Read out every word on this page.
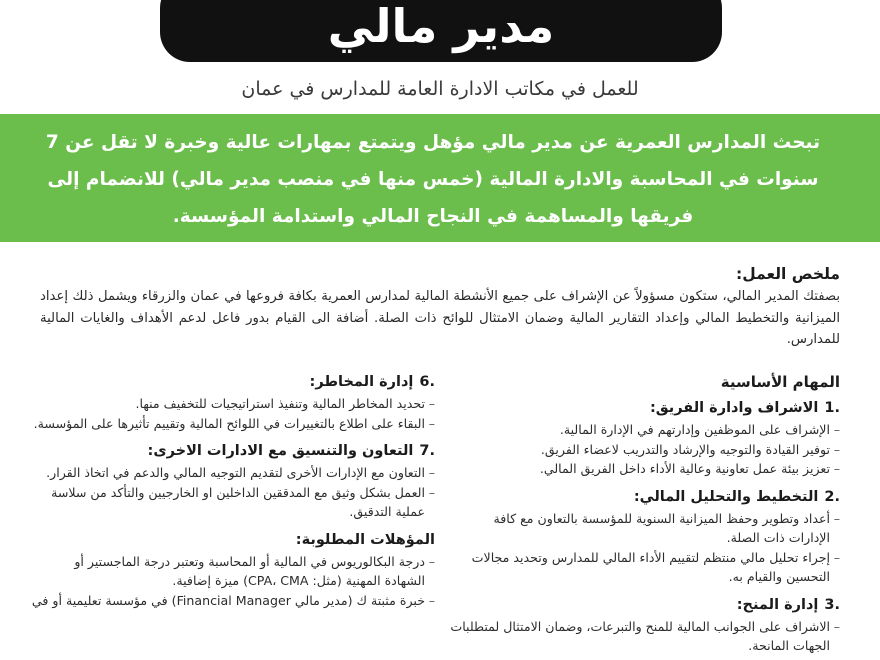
مدير مالي
للعمل في مكاتب الادارة العامة للمدارس في عمان

تبحث المدارس العمرية عن مدير مالي مؤهل ويتمتع بمهارات عالية وخبرة لا تقل عن 7 سنوات في المحاسبة والادارة المالية (خمس منها في منصب مدير مالي) للانضمام إلى فريقها والمساهمة في النجاح المالي واستدامة المؤسسة.

ملخص العمل:

بصفتك المدير المالي، ستكون مسؤولاً عن الإشراف على جميع الأنشطة المالية لمدارس العمرية بكافة فروعها في عمان والزرقاء ويشمل ذلك إعداد الميزانية والتخطيط المالي وإعداد التقارير المالية وضمان الامتثال للوائح ذات الصلة. أضافة الى القيام بدور فاعل لدعم الأهداف والغايات المالية للمدارس.

المهام الأساسية
1.
الاشراف وادارة الفريق:
– الإشراف على الموظفين وإدارتهم في الإدارة المالية.
– توفير القيادة والتوجيه والإرشاد والتدريب لاعضاء الفريق.
– تعزيز بيئة عمل تعاونية وعالية الأداء داخل الفريق المالي.
2.
التخطيط والتحليل المالي:
– أعداد وتطوير وحفظ الميزانية السنوية للمؤسسة بالتعاون مع كافة الإدارات ذات الصلة.
– إجراء تحليل مالي منتظم لتقييم الأداء المالي للمدارس وتحديد مجالات التحسين والقيام به.
3.
إدارة المنح:
– الاشراف على الجوانب المالية للمنح والتبرعات، وضمان الامتثال لمتطلبات الجهات المانحة.
6.
إدارة المخاطر:
– تحديد المخاطر المالية وتنفيذ استراتيجيات للتخفيف منها.
– البقاء على اطلاع بالتغييرات في اللوائح المالية وتقييم تأثيرها على المؤسسة.
7.
التعاون والتنسيق مع الادارات الاخرى:
– التعاون مع الإدارات الأخرى لتقديم التوجيه المالي والدعم في اتخاذ القرار.
– العمل بشكل وثيق مع المدققين الداخلين او الخارجيين والتأكد من سلاسة عملية التدقيق.
المؤهلات المطلوبة:
– درجة البكالوريوس في المالية أو المحاسبة وتعتبر درجة الماجستير أو الشهادة المهنية (مثل: CPA، CMA) ميزة إضافية.
– خبرة مثبتة ك (مدير مالي Financial Manager) في مؤسسة تعليمية أو في
